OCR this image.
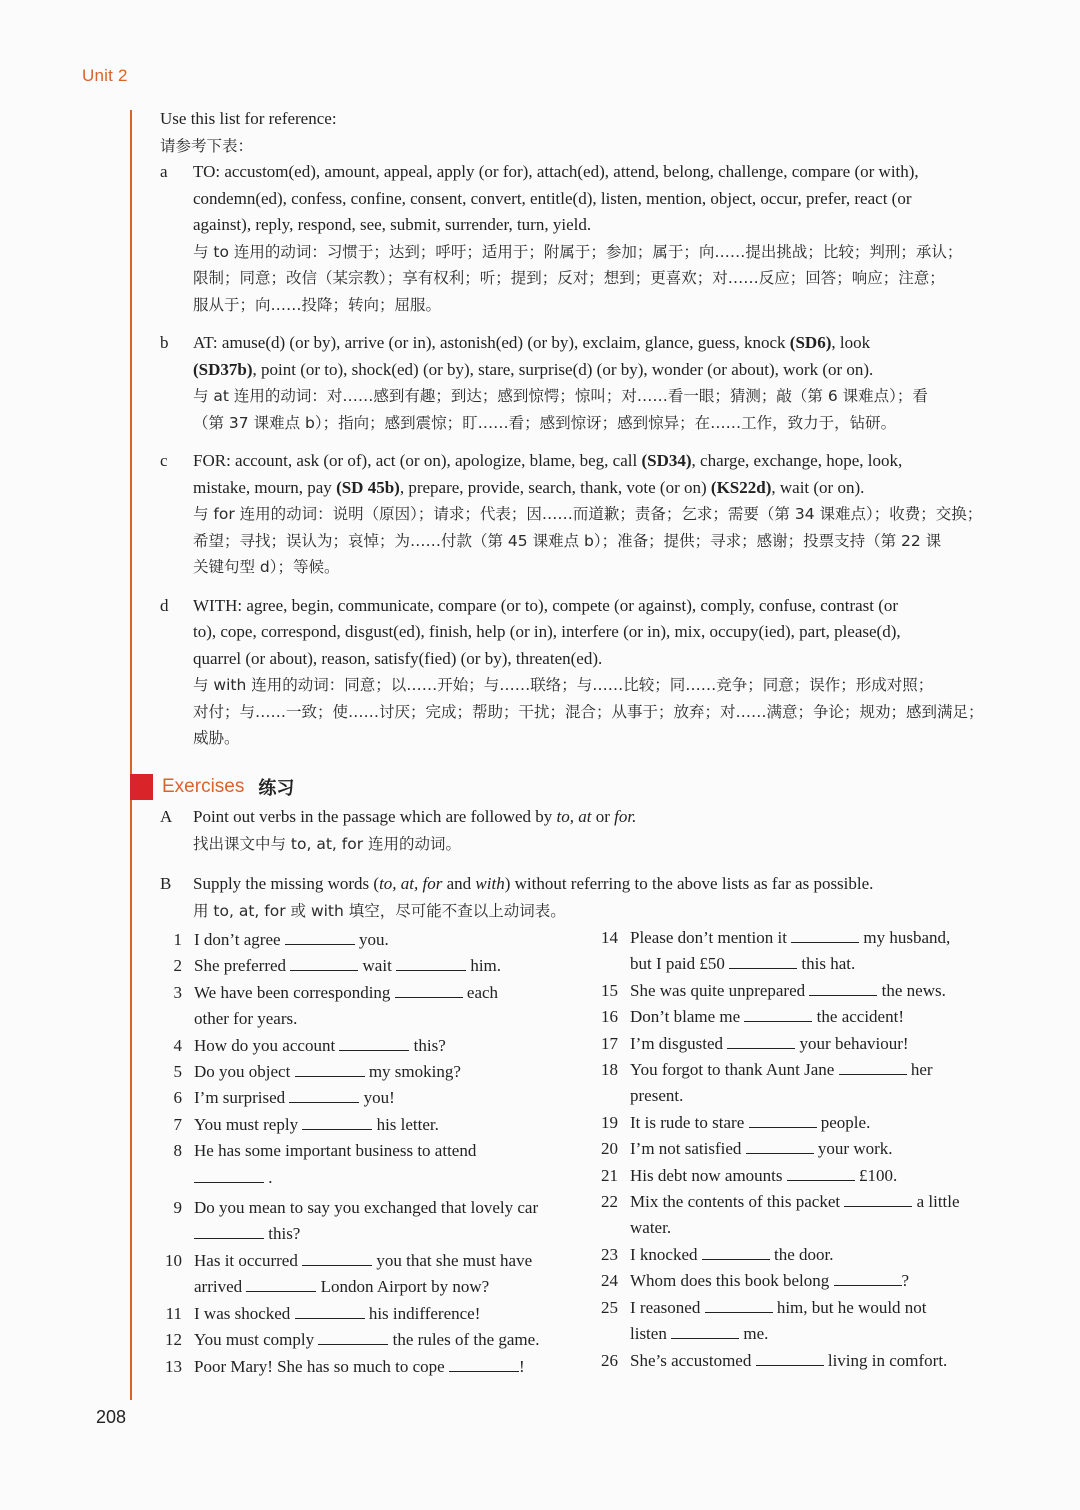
Unit 2
Use this list for reference:
请参考下表：
a TO: accustom(ed), amount, appeal, apply (or for), attach(ed), attend, belong, challenge, compare (or with),
condemn(ed), confess, confine, consent, convert, entitle(d), listen, mention, object, occur, prefer, react (or
against), reply, respond, see, submit, surrender, turn, yield.
与 to 连用的动词：习惯于；达到；呼吁；适用于；附属于；参加；属于；向……提出挑战；比较；判刑；承认；
限制；同意；改信（某宗教）；享有权利；听；提到；反对；想到；更喜欢；对……反应；回答；响应；注意；
服从于；向……投降；转向；屈服。
b AT: amuse(d) (or by), arrive (or in), astonish(ed) (or by), exclaim, glance, guess, knock (SD6), look
(SD37b), point (or to), shock(ed) (or by), stare, surprise(d) (or by), wonder (or about), work (or on).
与 at 连用的动词：对……感到有趣；到达；感到惊愕；惊叫；对……看一眼；猜测；敲（第 6 课难点）；看
（第 37 课难点 b）；指向；感到震惊；盯……看；感到惊讶；感到惊异；在……工作，致力于，钻研。
c FOR: account, ask (or of), act (or on), apologize, blame, beg, call (SD34), charge, exchange, hope, look,
mistake, mourn, pay (SD 45b), prepare, provide, search, thank, vote (or on) (KS22d), wait (or on).
与 for 连用的动词：说明（原因）；请求；代表；因……而道歉；责备；乞求；需要（第 34 课难点）；收费；交换；
希望；寻找；误认为；哀悼；为……付款（第 45 课难点 b）；准备；提供；寻求；感谢；投票支持（第 22 课
关键句型 d）；等候。
d WITH: agree, begin, communicate, compare (or to), compete (or against), comply, confuse, contrast (or
to), cope, correspond, disgust(ed), finish, help (or in), interfere (or in), mix, occupy(ied), part, please(d),
quarrel (or about), reason, satisfy(fied) (or by), threaten(ed).
与 with 连用的动词：同意；以……开始；与……联络；与……比较；同……竞争；同意；误作；形成对照；
对付；与……一致；使……讨厌；完成；帮助；干扰；混合；从事于；放弃；对……满意；争论；规劝；感到满足；
威胁。
Exercises 练习
A Point out verbs in the passage which are followed by to, at or for.
找出课文中与 to, at, for 连用的动词。
B Supply the missing words (to, at, for and with) without referring to the above lists as far as possible.
用 to, at, for 或 with 填空，尽可能不查以上动词表。
1 I don’t agree	you.
2 She preferred	wait	him.
3 We have been corresponding	each
other for years.
4 How do you account	this?
5 Do you object	my smoking?
6 I’m surprised	you!
7 You must reply	his letter.
8 He has some important business to attend
.
9 Do you mean to say you exchanged that lovely car
this?
10 Has it occurred	you that she must have
arrived	London Airport by now?
11 I was shocked	his indifference!
12 You must comply	the rules of the game.
13 Poor Mary! She has so much to cope	!
14 Please don’t mention it	my husband,
but I paid £50	this hat.
15 She was quite unprepared	the news.
16 Don’t blame me	the accident!
17 I’m disgusted	your behaviour!
18 You forgot to thank Aunt Jane	her
present.
19 It is rude to stare	people.
20 I’m not satisfied	your work.
21 His debt now amounts	£100.
22 Mix the contents of this packet	a little
water.
23 I knocked	the door.
24 Whom does this book belong	?
25 I reasoned	him, but he would not
listen	me.
26 She’s accustomed	living in comfort.
208
